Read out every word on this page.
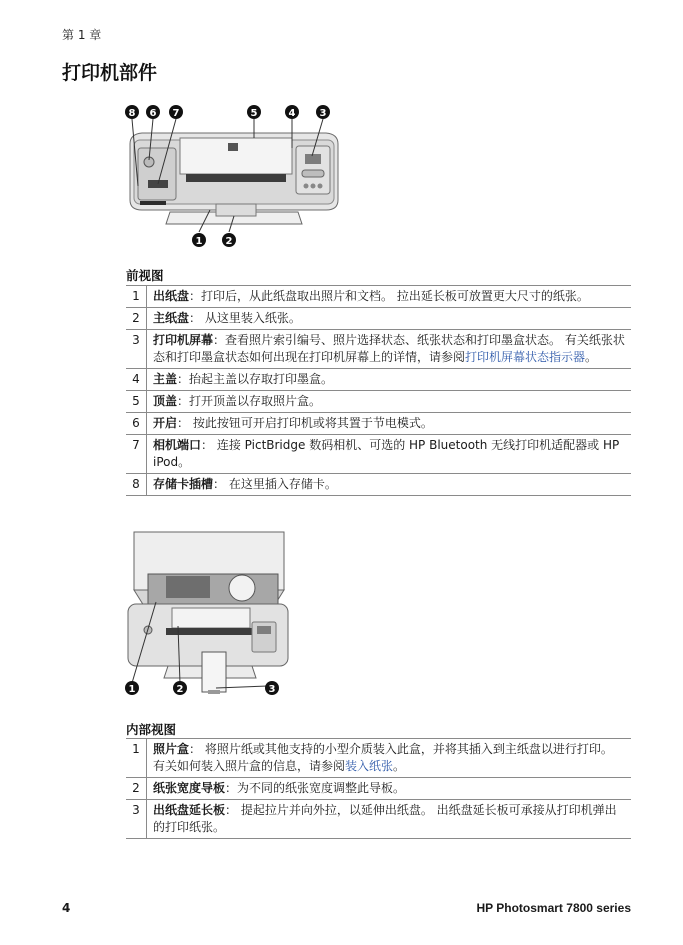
第 1 章
打印机部件
8 6 7	5	4 3
1 2
前视图
1	出纸盘：打印后，从此纸盘取出照片和文档。 拉出延长板可放置更大尺寸的纸张。
2	主纸盘： 从这里装入纸张。
3	打印机屏幕：查看照片索引编号、照片选择状态、纸张状态和打印墨盒状态。 有关纸张状态和打印墨盒状态如何出现在打印机屏幕上的详情，请参阅打印机屏幕状态指示器。
4	主盖：抬起主盖以存取打印墨盒。
5	顶盖：打开顶盖以存取照片盒。
6	开启： 按此按钮可开启打印机或将其置于节电模式。
7	相机端口： 连接 PictBridge 数码相机、可选的 HP Bluetooth 无线打印机适配器或 HP iPod。
8	存储卡插槽： 在这里插入存储卡。
1	2	3
内部视图
1	照片盒： 将照片纸或其他支持的小型介质装入此盒，并将其插入到主纸盘以进行打印。 有关如何装入照片盒的信息，请参阅装入纸张。
2	纸张宽度导板：为不同的纸张宽度调整此导板。
3	出纸盘延长板： 提起拉片并向外拉，以延伸出纸盘。 出纸盘延长板可承接从打印机弹出的打印纸张。
4	HP Photosmart 7800 series
